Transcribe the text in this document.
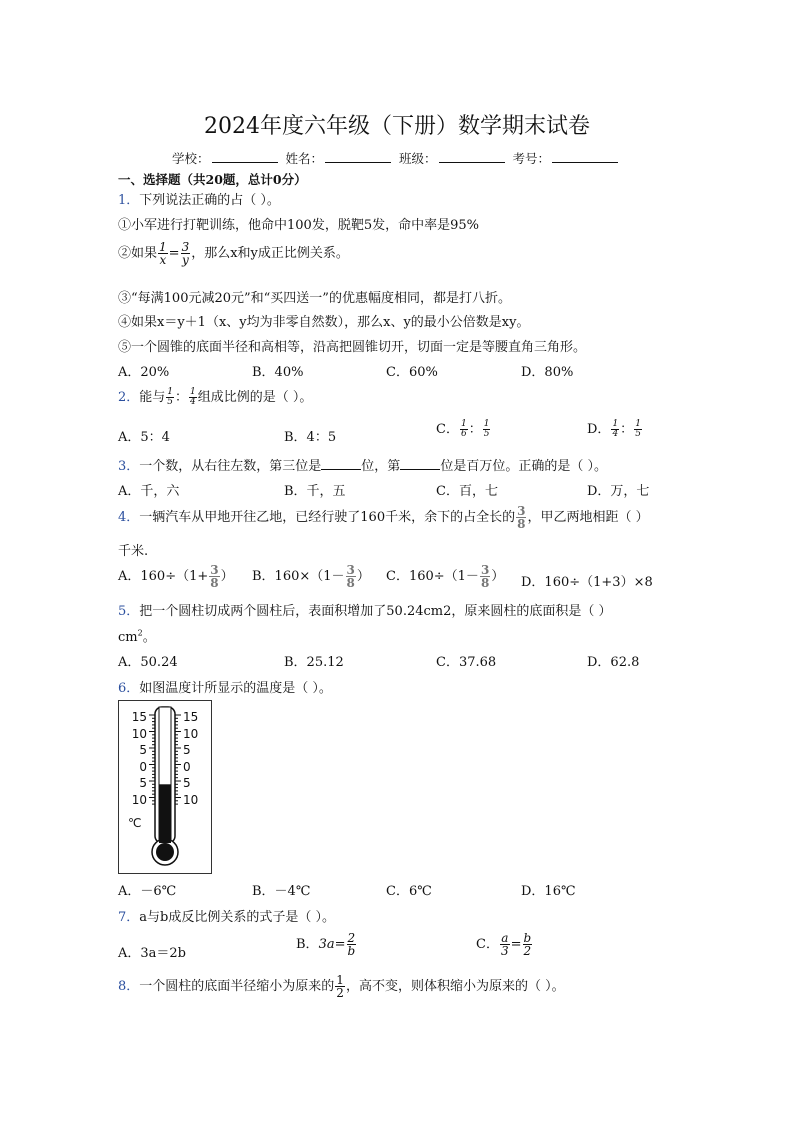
2024年度六年级（下册）数学期末试卷
学校：	姓名：	班级：	考号：
一、选择题（共20题，总计0分）
1．下列说法正确的占（ ）。
①小军进行打靶训练，他命中100发，脱靶5发，命中率是95%
②如果 $\frac{1}{x} = \frac{3}{y}$ ，那么x和y成正比例关系。
③“每满100元减20元”和“买四送一”的优惠幅度相同，都是打八折。
④如果x＝y＋1（x、y均为非零自然数），那么x、y的最小公倍数是xy。
⑤一个圆锥的底面半径和高相等，沿高把圆锥切开，切面一定是等腰直角三角形。
A．20%	B．40%	C．60%	D．80%
2．能与 $\frac{1}{5}$ ： $\frac{1}{4}$ 组成比例的是（ ）。
A．5：4	B．4：5
C． $\frac{1}{6}$ ： $\frac{1}{5}$	D． $\frac{1}{4}$ ： $\frac{1}{5}$
3．一个数，从右往左数，第三位是	位，第	位是百万位。正确的是（ ）。
A．千，六	B．千，五	C．百，七	D．万，七
4．一辆汽车从甲地开往乙地，已经行驶了160千米，余下的占全长的 $\frac{3}{8}$ ，甲乙两地相距（ ）
千米.
A．$160\div(1+ \frac{3}{8}$ ） B．$160\times(1- \frac{3}{8}$ ） C．$160\div(1- \frac{3}{8}$ ） D．160÷（1+3）×8
5．把一个圆柱切成两个圆柱后，表面积增加了50.24cm2，原来圆柱的底面积是（ ）
$cm^2$。
A．50.24	B．25.12	C．37.68	D．62.8
6．如图温度计所显示的温度是（ ）。
15
10
5
0
5
10
15
10
5
0
5
10
℃
A．－6℃	B．－4℃	C．6℃	D．16℃
7．a与b成反比例关系的式子是（ ）。
A．3a＝2b
B．$3a= \frac{2}{b}$	C． $\frac{a}{3} = \frac{b}{2}$
8．一个圆柱的底面半径缩小为原来的 $\frac{1}{2}$ ，高不变，则体积缩小为原来的（ ）。
